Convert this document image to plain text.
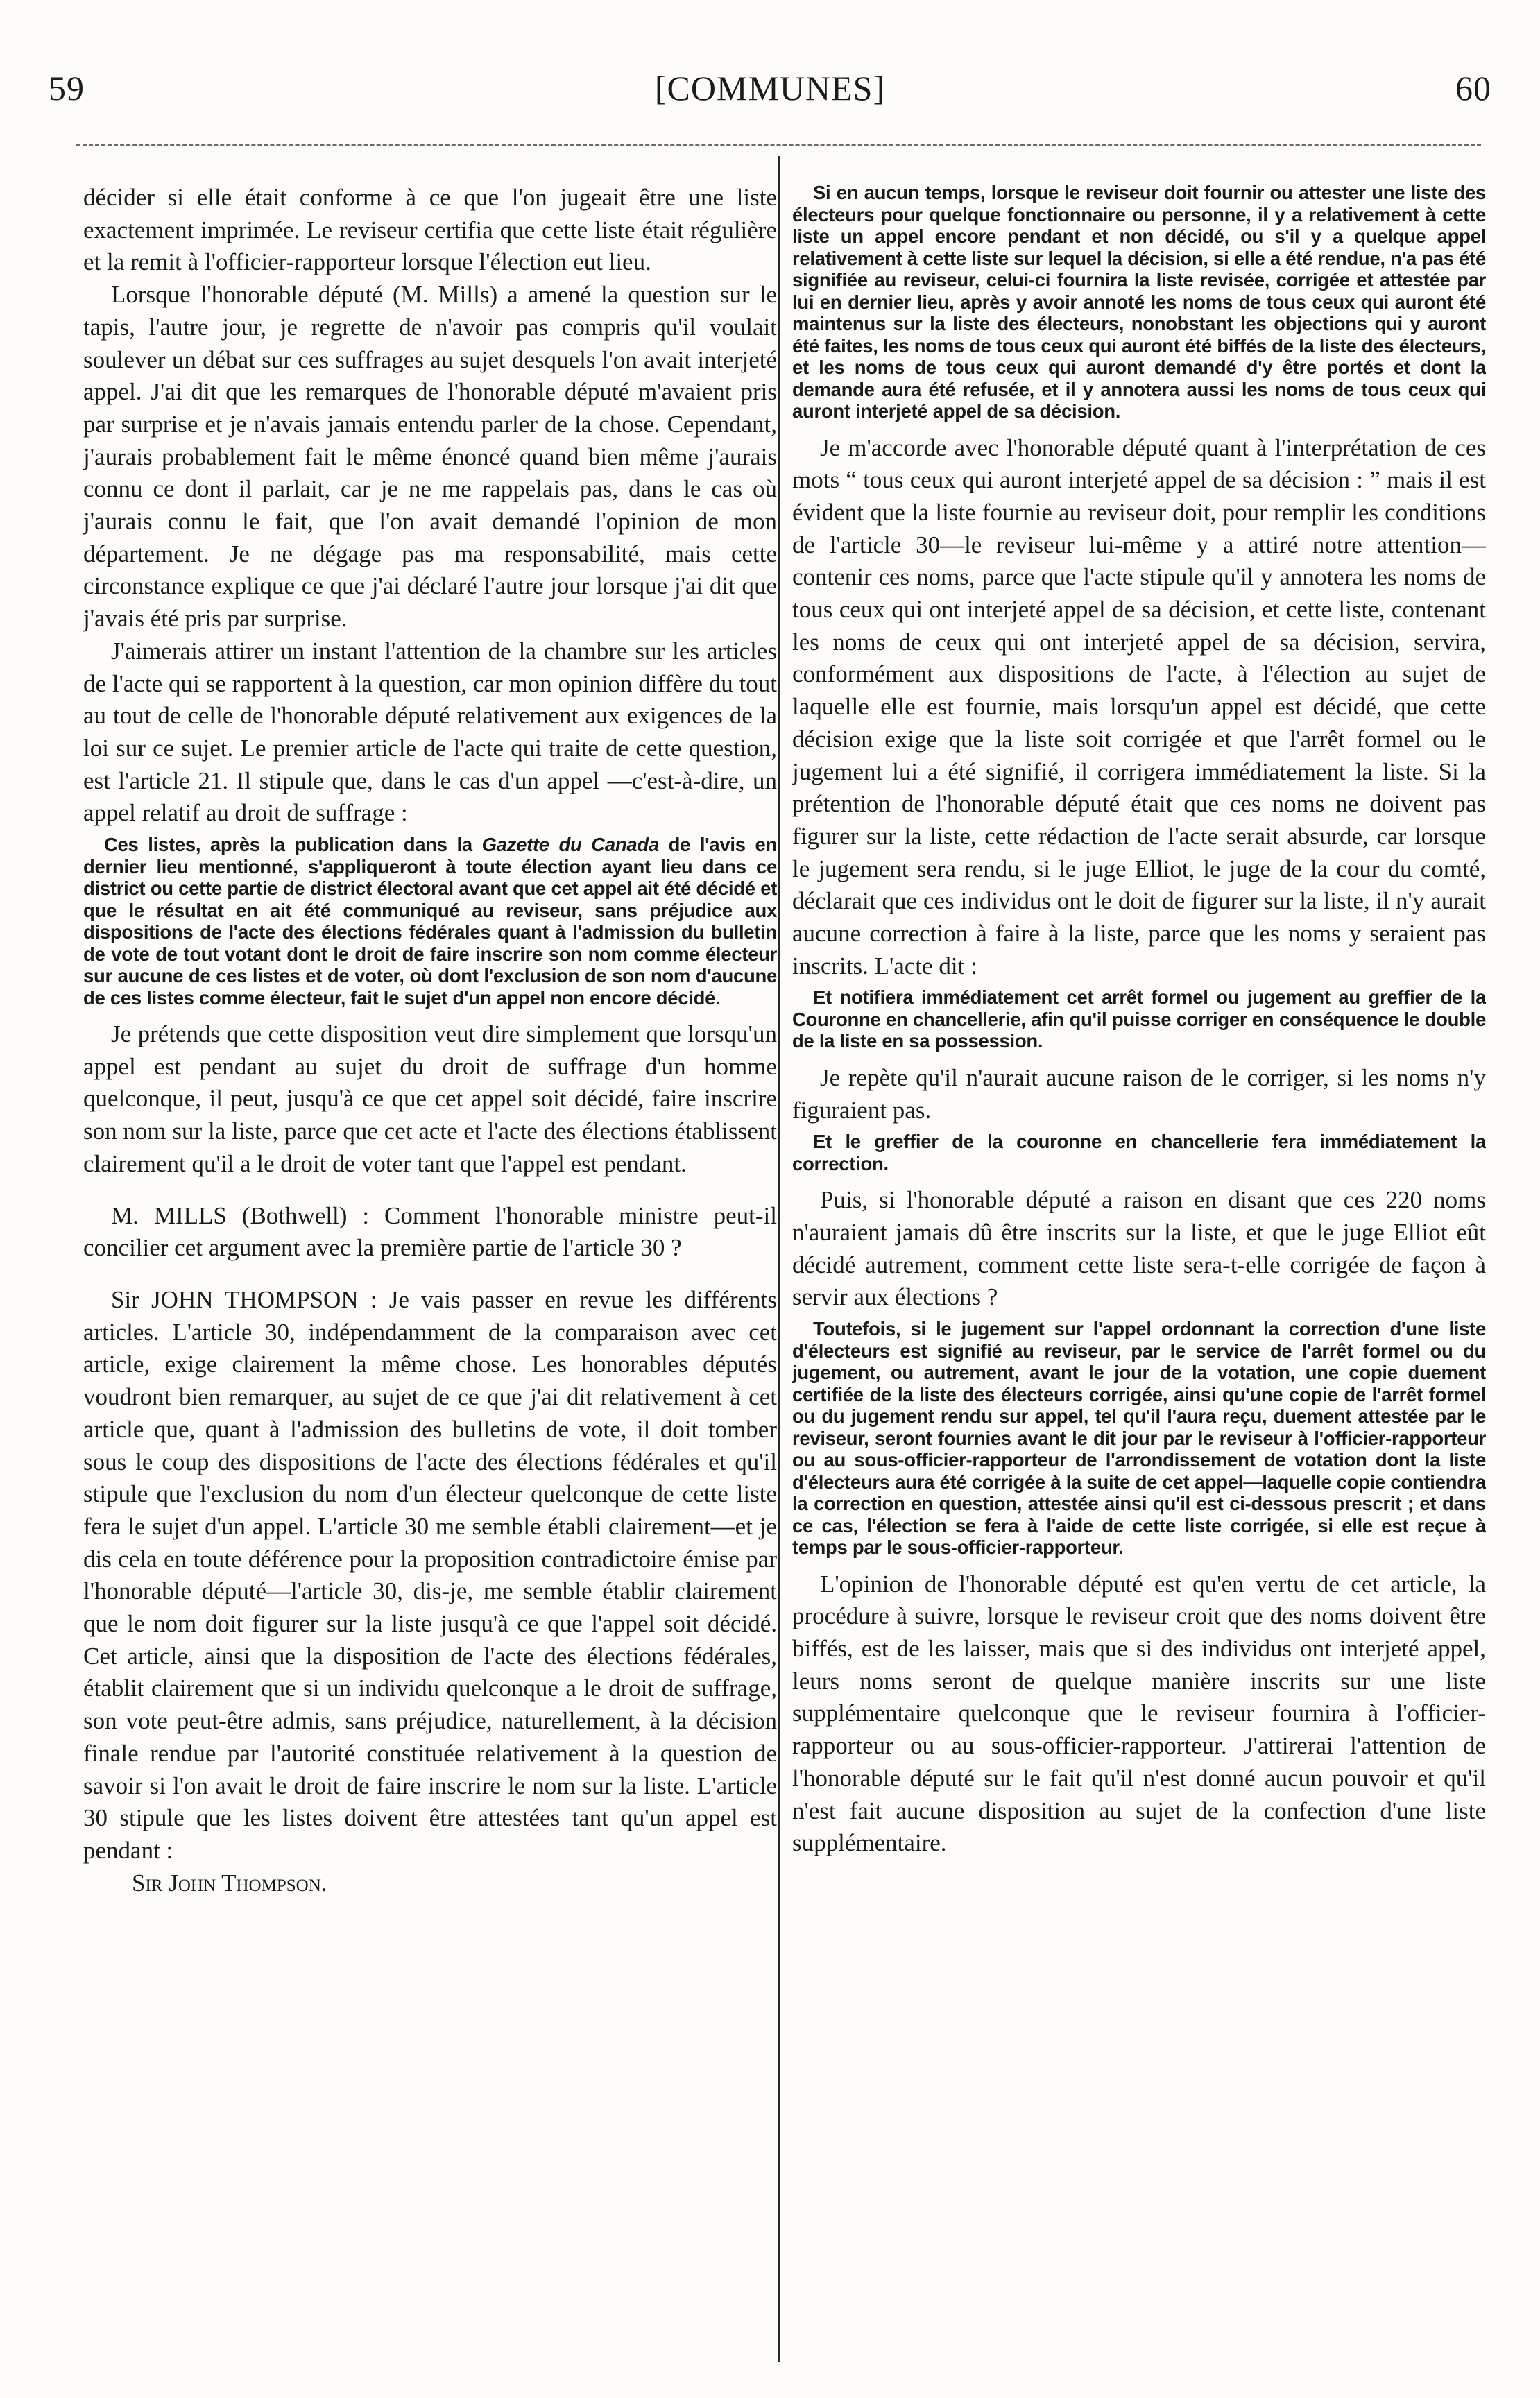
59	[COMMUNES]	60

décider si elle était conforme à ce que l'on jugeait être une liste exactement imprimée. Le reviseur certifia que cette liste était régulière et la remit à l'officier-rapporteur lorsque l'élection eut lieu.

Lorsque l'honorable député (M. Mills) a amené la question sur le tapis, l'autre jour, je regrette de n'avoir pas compris qu'il voulait soulever un débat sur ces suffrages au sujet desquels l'on avait interjeté appel. J'ai dit que les remarques de l'honorable député m'avaient pris par surprise et je n'avais jamais entendu parler de la chose. Cependant, j'aurais probablement fait le même énoncé quand bien même j'aurais connu ce dont il parlait, car je ne me rappelais pas, dans le cas où j'aurais connu le fait, que l'on avait demandé l'opinion de mon département. Je ne dégage pas ma responsabilité, mais cette circonstance explique ce que j'ai déclaré l'autre jour lorsque j'ai dit que j'avais été pris par surprise.

J'aimerais attirer un instant l'attention de la chambre sur les articles de l'acte qui se rapportent à la question, car mon opinion diffère du tout au tout de celle de l'honorable député relativement aux exigences de la loi sur ce sujet. Le premier article de l'acte qui traite de cette question, est l'article 21. Il stipule que, dans le cas d'un appel —c'est-à-dire, un appel relatif au droit de suffrage :

Ces listes, après la publication dans la Gazette du Canada de l'avis en dernier lieu mentionné, s'appliqueront à toute élection ayant lieu dans ce district ou cette partie de district électoral avant que cet appel ait été décidé et que le résultat en ait été communiqué au reviseur, sans préjudice aux dispositions de l'acte des élections fédérales quant à l'admission du bulletin de vote de tout votant dont le droit de faire inscrire son nom comme électeur sur aucune de ces listes et de voter, où dont l'exclusion de son nom d'aucune de ces listes comme électeur, fait le sujet d'un appel non encore décidé.

Je prétends que cette disposition veut dire simplement que lorsqu'un appel est pendant au sujet du droit de suffrage d'un homme quelconque, il peut, jusqu'à ce que cet appel soit décidé, faire inscrire son nom sur la liste, parce que cet acte et l'acte des élections établissent clairement qu'il a le droit de voter tant que l'appel est pendant.

M. MILLS (Bothwell) : Comment l'honorable ministre peut-il concilier cet argument avec la première partie de l'article 30 ?

Sir JOHN THOMPSON : Je vais passer en revue les différents articles. L'article 30, indépendamment de la comparaison avec cet article, exige clairement la même chose. Les honorables députés voudront bien remarquer, au sujet de ce que j'ai dit relativement à cet article que, quant à l'admission des bulletins de vote, il doit tomber sous le coup des dispositions de l'acte des élections fédérales et qu'il stipule que l'exclusion du nom d'un électeur quelconque de cette liste fera le sujet d'un appel. L'article 30 me semble établi clairement—et je dis cela en toute déférence pour la proposition contradictoire émise par l'honorable député—l'article 30, dis-je, me semble établir clairement que le nom doit figurer sur la liste jusqu'à ce que l'appel soit décidé. Cet article, ainsi que la disposition de l'acte des élections fédérales, établit clairement que si un individu quelconque a le droit de suffrage, son vote peut-être admis, sans préjudice, naturellement, à la décision finale rendue par l'autorité constituée relativement à la question de savoir si l'on avait le droit de faire inscrire le nom sur la liste. L'article 30 stipule que les listes doivent être attestées tant qu'un appel est pendant :

Sir John Thompson.

Si en aucun temps, lorsque le reviseur doit fournir ou attester une liste des électeurs pour quelque fonctionnaire ou personne, il y a relativement à cette liste un appel encore pendant et non décidé, ou s'il y a quelque appel relativement à cette liste sur lequel la décision, si elle a été rendue, n'a pas été signifiée au reviseur, celui-ci fournira la liste revisée, corrigée et attestée par lui en dernier lieu, après y avoir annoté les noms de tous ceux qui auront été maintenus sur la liste des électeurs, nonobstant les objections qui y auront été faites, les noms de tous ceux qui auront été biffés de la liste des électeurs, et les noms de tous ceux qui auront demandé d'y être portés et dont la demande aura été refusée, et il y annotera aussi les noms de tous ceux qui auront interjeté appel de sa décision.

Je m'accorde avec l'honorable député quant à l'interprétation de ces mots “ tous ceux qui auront interjeté appel de sa décision : ” mais il est évident que la liste fournie au reviseur doit, pour remplir les conditions de l'article 30—le reviseur lui-même y a attiré notre attention—contenir ces noms, parce que l'acte stipule qu'il y annotera les noms de tous ceux qui ont interjeté appel de sa décision, et cette liste, contenant les noms de ceux qui ont interjeté appel de sa décision, servira, conformément aux dispositions de l'acte, à l'élection au sujet de laquelle elle est fournie, mais lorsqu'un appel est décidé, que cette décision exige que la liste soit corrigée et que l'arrêt formel ou le jugement lui a été signifié, il corrigera immédiatement la liste. Si la prétention de l'honorable député était que ces noms ne doivent pas figurer sur la liste, cette rédaction de l'acte serait absurde, car lorsque le jugement sera rendu, si le juge Elliot, le juge de la cour du comté, déclarait que ces individus ont le doit de figurer sur la liste, il n'y aurait aucune correction à faire à la liste, parce que les noms y seraient pas inscrits. L'acte dit :

Et notifiera immédiatement cet arrêt formel ou jugement au greffier de la Couronne en chancellerie, afin qu'il puisse corriger en conséquence le double de la liste en sa possession.

Je repète qu'il n'aurait aucune raison de le corriger, si les noms n'y figuraient pas.

Et le greffier de la couronne en chancellerie fera immédiatement la correction.

Puis, si l'honorable député a raison en disant que ces 220 noms n'auraient jamais dû être inscrits sur la liste, et que le juge Elliot eût décidé autrement, comment cette liste sera-t-elle corrigée de façon à servir aux élections ?

Toutefois, si le jugement sur l'appel ordonnant la correction d'une liste d'électeurs est signifié au reviseur, par le service de l'arrêt formel ou du jugement, ou autrement, avant le jour de la votation, une copie duement certifiée de la liste des électeurs corrigée, ainsi qu'une copie de l'arrêt formel ou du jugement rendu sur appel, tel qu'il l'aura reçu, duement attestée par le reviseur, seront fournies avant le dit jour par le reviseur à l'officier-rapporteur ou au sous-officier-rapporteur de l'arrondissement de votation dont la liste d'électeurs aura été corrigée à la suite de cet appel—laquelle copie contiendra la correction en question, attestée ainsi qu'il est ci-dessous prescrit ; et dans ce cas, l'élection se fera à l'aide de cette liste corrigée, si elle est reçue à temps par le sous-officier-rapporteur.

L'opinion de l'honorable député est qu'en vertu de cet article, la procédure à suivre, lorsque le reviseur croit que des noms doivent être biffés, est de les laisser, mais que si des individus ont interjeté appel, leurs noms seront de quelque manière inscrits sur une liste supplémentaire quelconque que le reviseur fournira à l'officier-rapporteur ou au sous-officier-rapporteur. J'attirerai l'attention de l'honorable député sur le fait qu'il n'est donné aucun pouvoir et qu'il n'est fait aucune disposition au sujet de la confection d'une liste supplémentaire.
